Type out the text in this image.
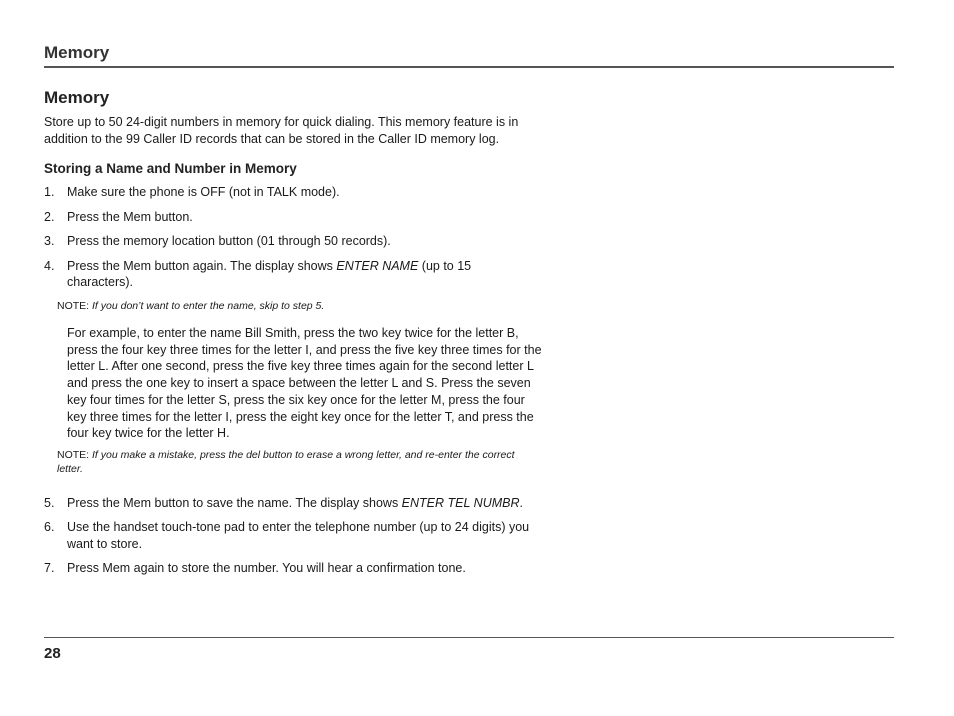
Memory
Memory

Store up to 50 24-digit numbers in memory for quick dialing. This memory feature is in addition to the 99 Caller ID records that can be stored in the Caller ID memory log.

Storing a Name and Number in Memory
1. Make sure the phone is OFF (not in TALK mode).
2. Press the Mem button.
3. Press the memory location button (01 through 50 records).
4. Press the Mem button again. The display shows ENTER NAME (up to 15 characters).
NOTE: If you don’t want to enter the name, skip to step 5.

For example, to enter the name Bill Smith, press the two key twice for the letter B, press the four key three times for the letter I, and press the five key three times for the letter L. After one second, press the five key three times again for the second letter L and press the one key to insert a space between the letter L and S. Press the seven key four times for the letter S, press the six key once for the letter M, press the four key three times for the letter I, press the eight key once for the letter T, and press the four key twice for the letter H.

NOTE: If you make a mistake, press the del button to erase a wrong letter, and re-enter the correct letter.
5. Press the Mem button to save the name. The display shows ENTER TEL NUMBR.
6. Use the handset touch-tone pad to enter the telephone number (up to 24 digits) you want to store.
7. Press Mem again to store the number. You will hear a confirmation tone.
28
